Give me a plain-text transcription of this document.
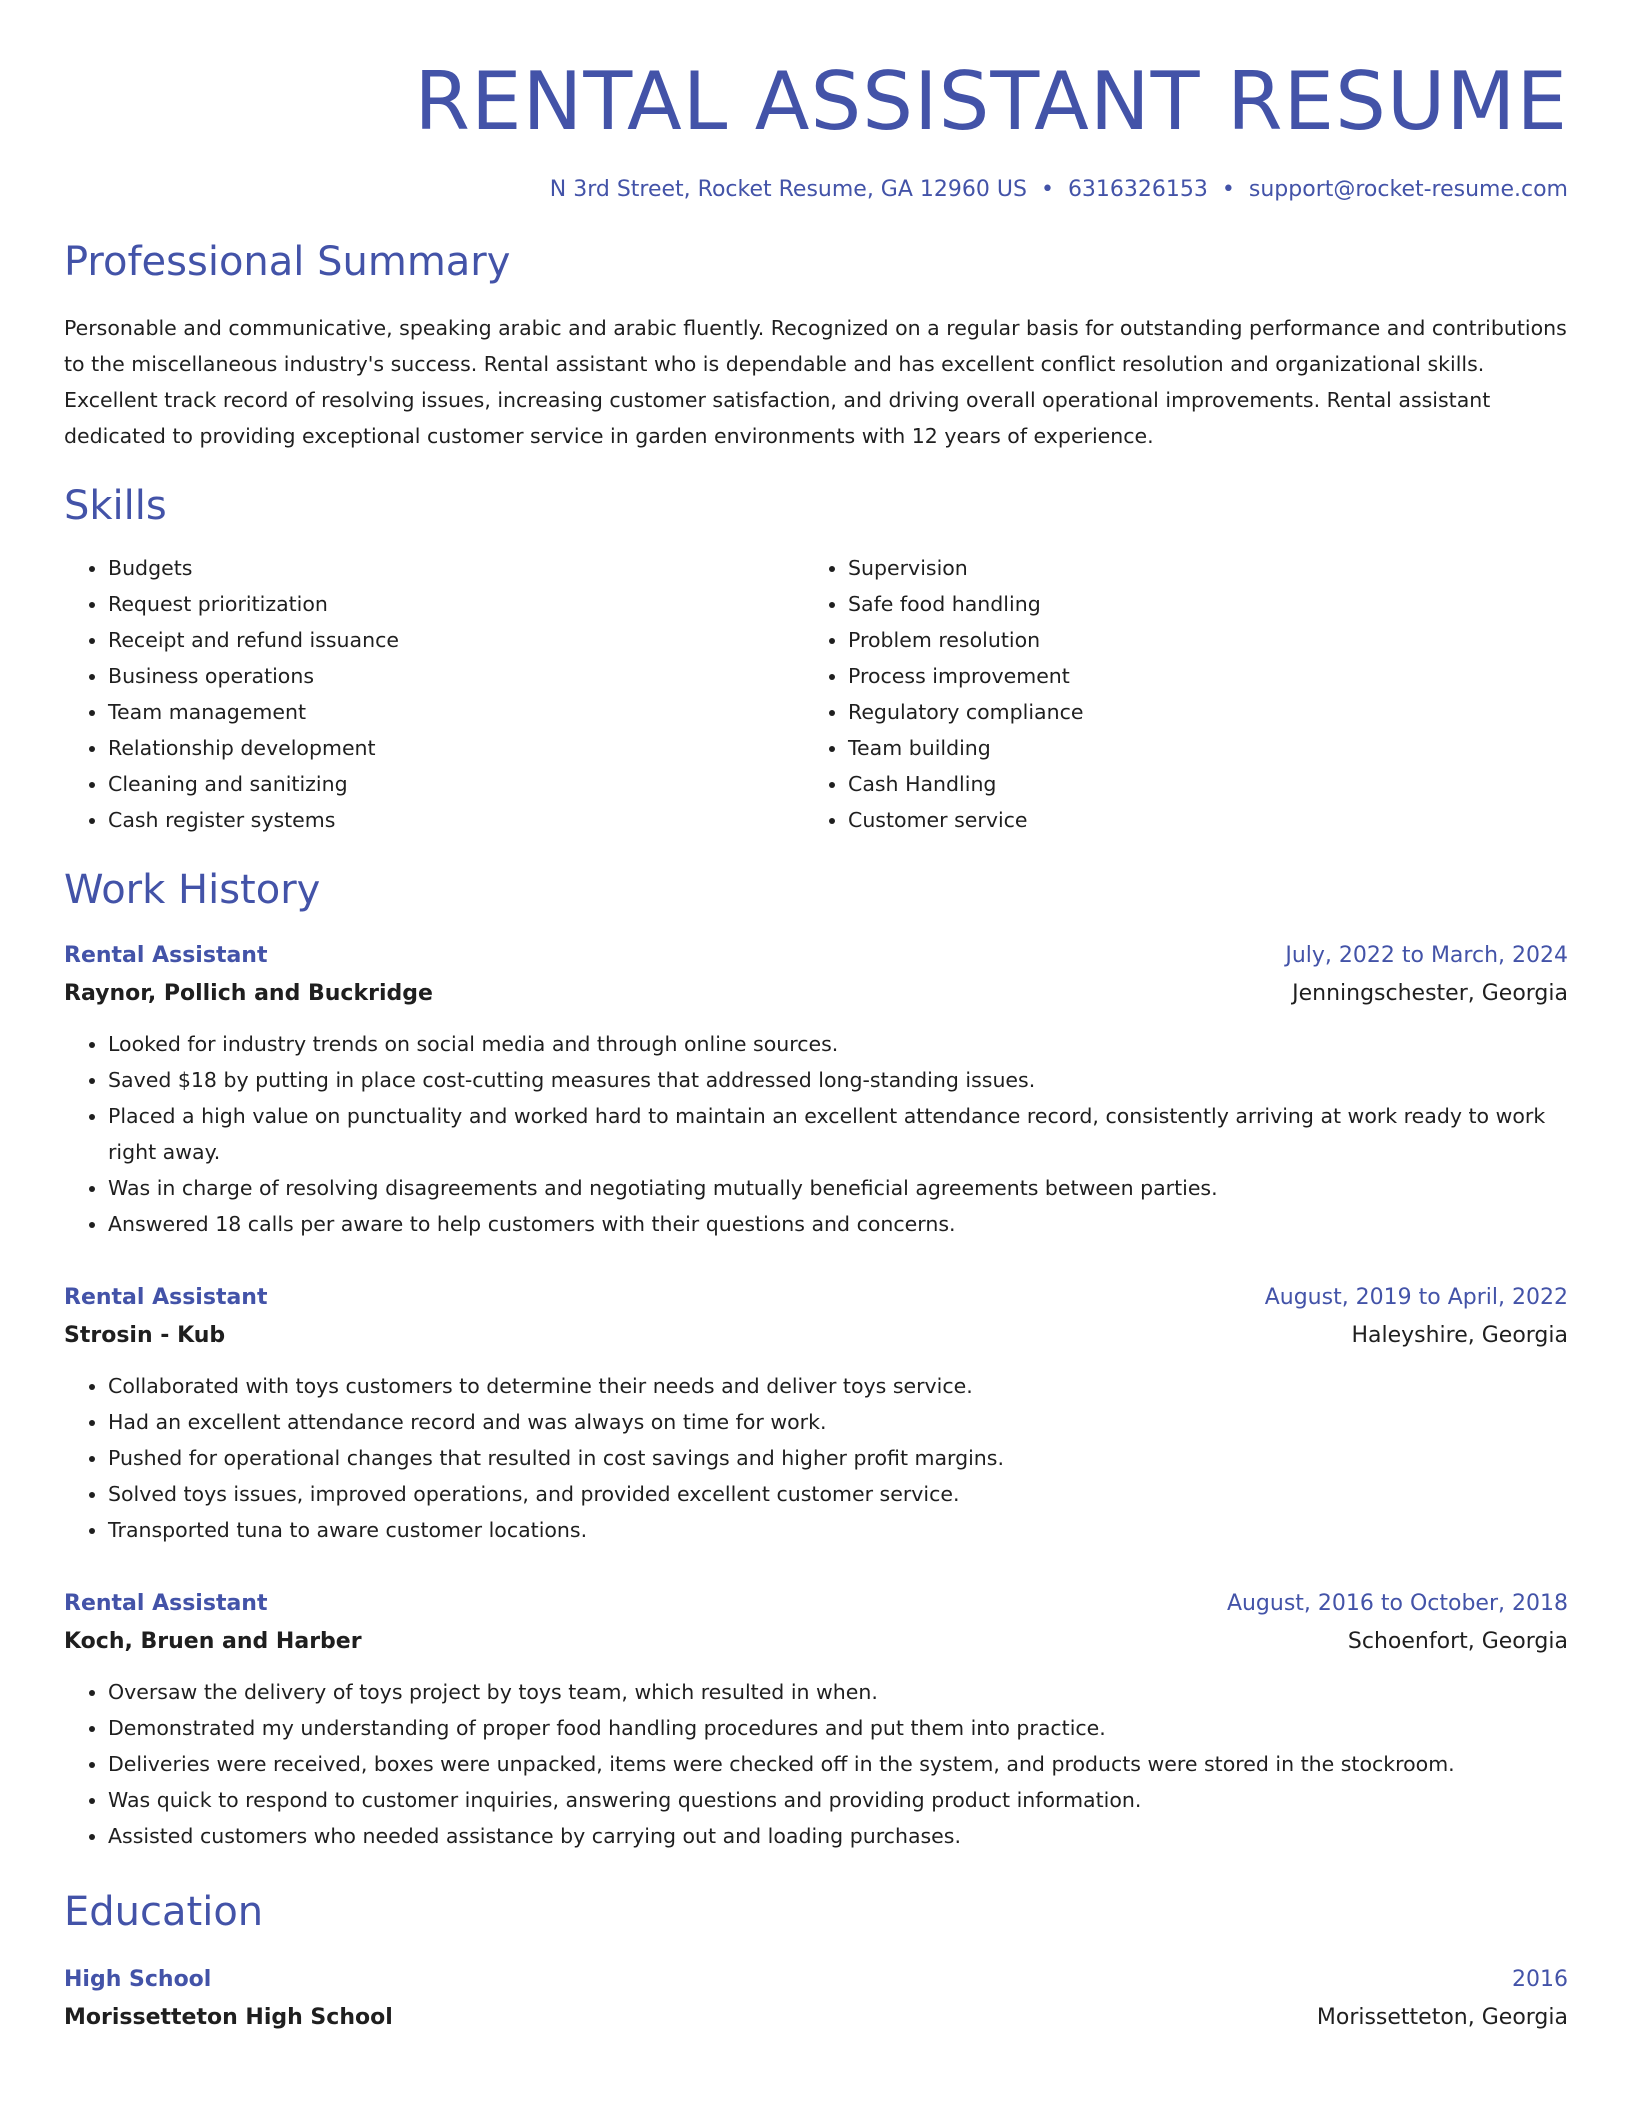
RENTAL ASSISTANT RESUME
N 3rd Street, Rocket Resume, GA 12960 US • 6316326153 • support@rocket-resume.com
Professional Summary

Personable and communicative, speaking arabic and arabic fluently. Recognized on a regular basis for outstanding performance and contributions to the miscellaneous industry's success. Rental assistant who is dependable and has excellent conflict resolution and organizational skills. Excellent track record of resolving issues, increasing customer satisfaction, and driving overall operational improvements. Rental assistant dedicated to providing exceptional customer service in garden environments with 12 years of experience.

Skills
• Budgets
• Request prioritization
• Receipt and refund issuance
• Business operations
• Team management
• Relationship development
• Cleaning and sanitizing
• Cash register systems
• Supervision
• Safe food handling
• Problem resolution
• Process improvement
• Regulatory compliance
• Team building
• Cash Handling
• Customer service
Work History
Rental Assistant	July, 2022 to March, 2024
Raynor, Pollich and Buckridge	Jenningschester, Georgia
• Looked for industry trends on social media and through online sources.
• Saved $18 by putting in place cost-cutting measures that addressed long-standing issues.
• Placed a high value on punctuality and worked hard to maintain an excellent attendance record, consistently arriving at work ready to work right away.
• Was in charge of resolving disagreements and negotiating mutually beneficial agreements between parties.
• Answered 18 calls per aware to help customers with their questions and concerns.
Rental Assistant	August, 2019 to April, 2022
Strosin - Kub	Haleyshire, Georgia
• Collaborated with toys customers to determine their needs and deliver toys service.
• Had an excellent attendance record and was always on time for work.
• Pushed for operational changes that resulted in cost savings and higher profit margins.
• Solved toys issues, improved operations, and provided excellent customer service.
• Transported tuna to aware customer locations.
Rental Assistant	August, 2016 to October, 2018
Koch, Bruen and Harber	Schoenfort, Georgia
• Oversaw the delivery of toys project by toys team, which resulted in when.
• Demonstrated my understanding of proper food handling procedures and put them into practice.
• Deliveries were received, boxes were unpacked, items were checked off in the system, and products were stored in the stockroom.
• Was quick to respond to customer inquiries, answering questions and providing product information.
• Assisted customers who needed assistance by carrying out and loading purchases.
Education
High School	2016
Morissetteton High School	Morissetteton, Georgia
